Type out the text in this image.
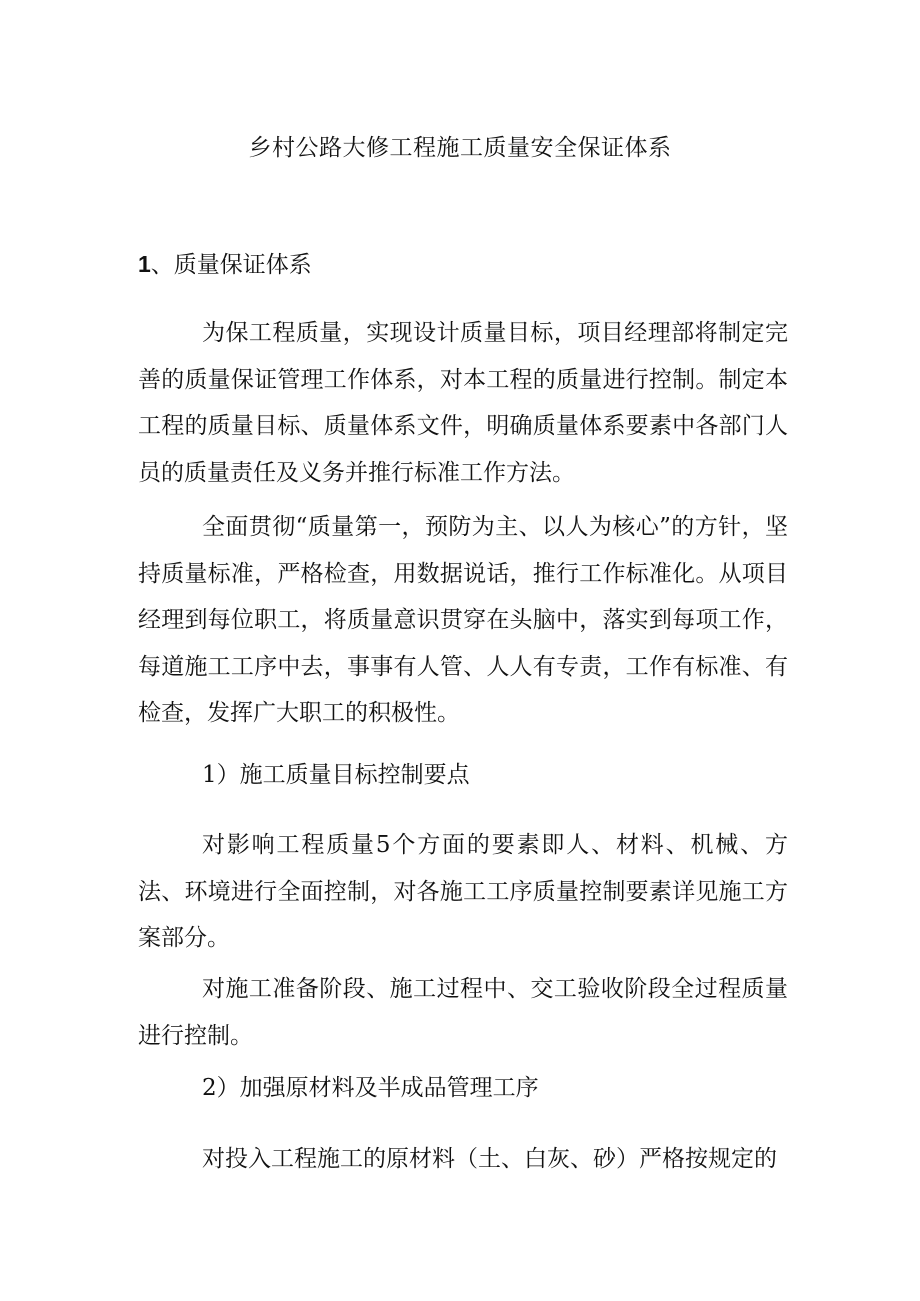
乡村公路大修工程施工质量安全保证体系
1、质量保证体系

为保工程质量，实现设计质量目标，项目经理部将制定完善的质量保证管理工作体系，对本工程的质量进行控制。制定本工程的质量目标、质量体系文件，明确质量体系要素中各部门人员的质量责任及义务并推行标准工作方法。

全面贯彻“质量第一，预防为主、以人为核心”的方针，坚持质量标准，严格检查，用数据说话，推行工作标准化。从项目经理到每位职工，将质量意识贯穿在头脑中，落实到每项工作，每道施工工序中去，事事有人管、人人有专责，工作有标准、有检查，发挥广大职工的积极性。

1）施工质量目标控制要点

对影响工程质量5个方面的要素即人、材料、机械、方法、环境进行全面控制，对各施工工序质量控制要素详见施工方案部分。

对施工准备阶段、施工过程中、交工验收阶段全过程质量进行控制。

2）加强原材料及半成品管理工序

对投入工程施工的原材料（土、白灰、砂）严格按规定的
